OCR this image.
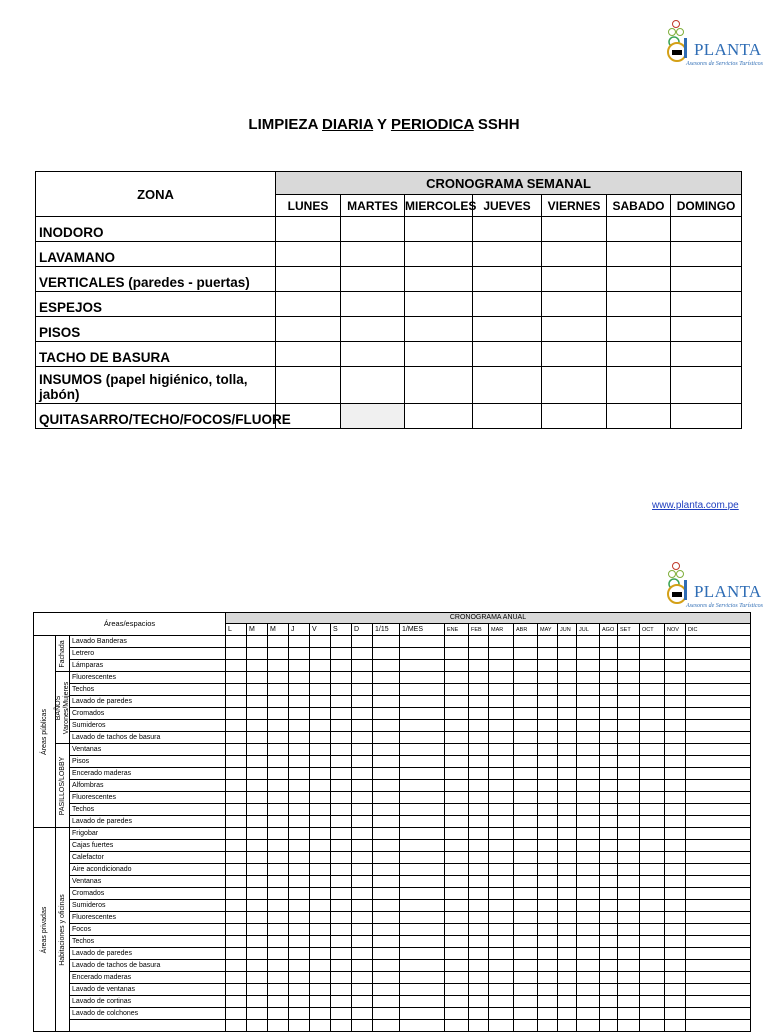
PLANTA
Asesores de Servicios Turísticos
LIMPIEZA DIARIA Y PERIODICA SSHH
ZONA	CRONOGRAMA SEMANAL						
	LUNES	MARTES	MIERCOLES	JUEVES	VIERNES	SABADO	DOMINGO
INODORO							
LAVAMANO							
VERTICALES (paredes - puertas)							
ESPEJOS							
PISOS							
TACHO DE BASURA							
INSUMOS (papel higiénico, tolla, jabón)							
QUITASARRO/TECHO/FOCOS/FLUORE							
www.planta.com.pe
PLANTA
Asesores de Servicios Turísticos
Áreas/espacios			CRONOGRAMA ANUAL																				
			L	M	M	J	V	S	D	1/15	1/MES	ENE	FEB	MAR	ABR	MAY	JUN	JUL	AGO	SET	OCT	NOV	DIC

Áreas públicas	Fachada	Lavado Banderas																					
		Letrero																					
		Lámparas																					

	BAÑOS Varones/Mujeres	Fluorescentes																					
		Techos																					
		Lavado de paredes																					
		Cromados																					
		Sumideros																					
		Lavado de tachos de basura																					

	PASILLOS/LOBBY	Ventanas																					
		Pisos																					
		Encerado maderas																					
		Alfombras																					
		Fluorescentes																					
		Techos																					
		Lavado de paredes																					

Áreas privadas	Habitaciones y oficinas	Frigobar																					
		Cajas fuertes																					
		Calefactor																					
		Aire acondicionado																					
		Ventanas																					
		Cromados																					
		Sumideros																					
		Fluorescentes																					
		Focos																					
		Techos																					
		Lavado de paredes																					
		Lavado de tachos de basura																					
		Encerado maderas																					
		Lavado de ventanas																					
		Lavado de cortinas																					
		Lavado de colchones																					
